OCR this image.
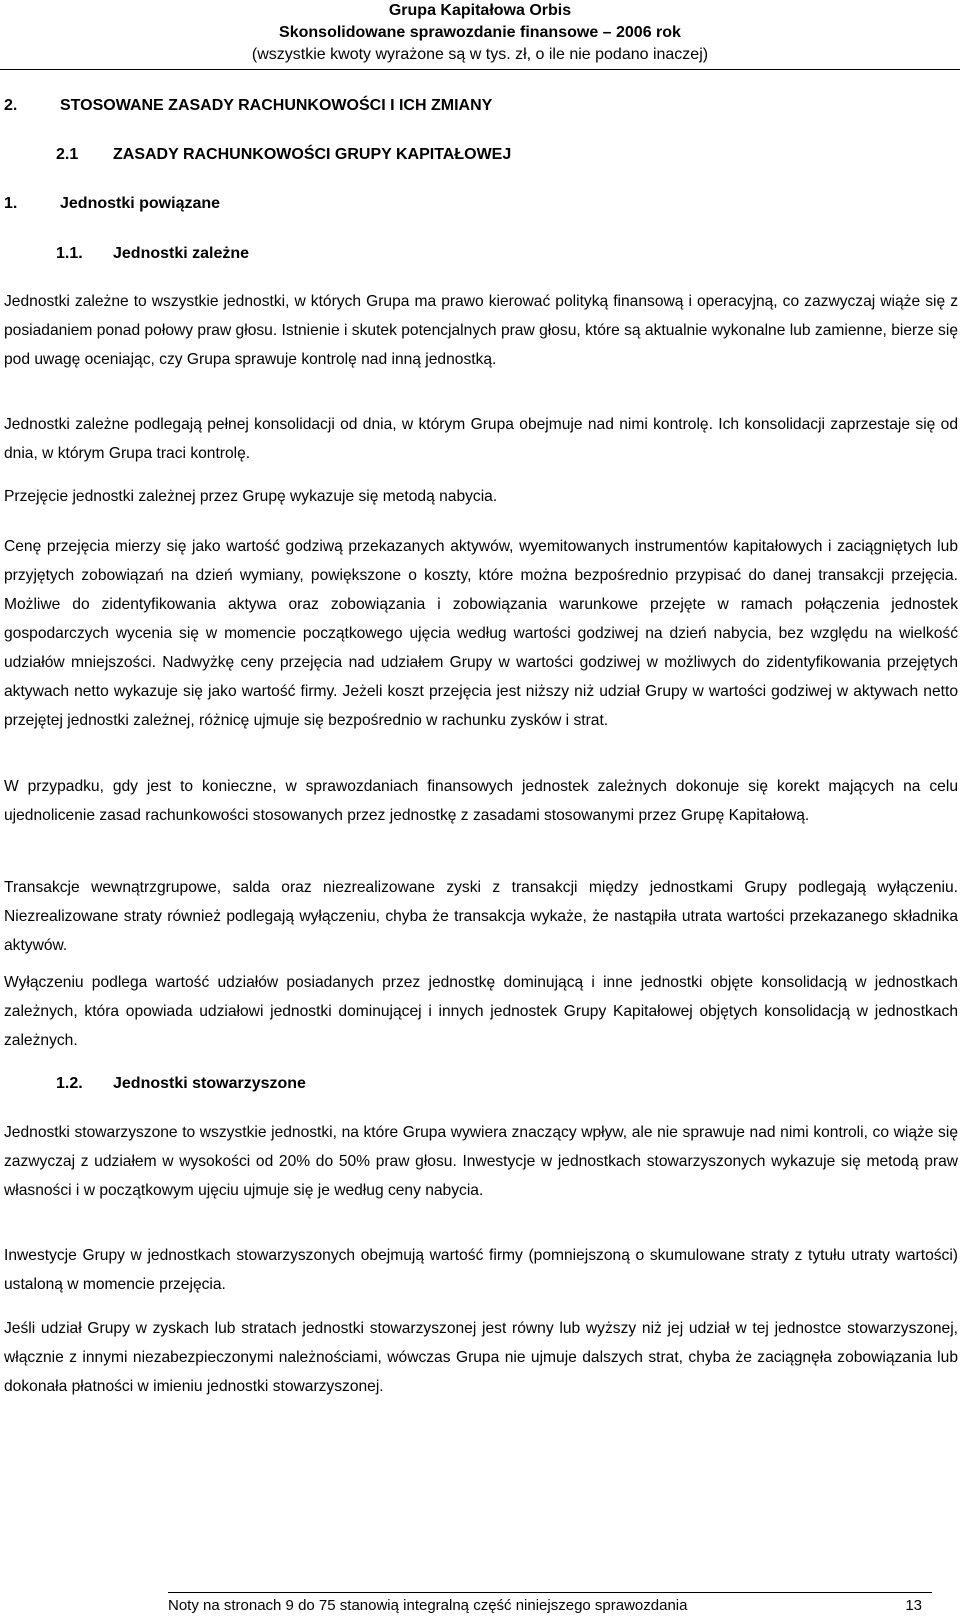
Grupa Kapitałowa Orbis
Skonsolidowane sprawozdanie finansowe – 2006 rok
(wszystkie kwoty wyrażone są w tys. zł, o ile nie podano inaczej)
2.	STOSOWANE ZASADY RACHUNKOWOŚCI I ICH ZMIANY
2.1 ZASADY RACHUNKOWOŚCI GRUPY KAPITAŁOWEJ
1.	Jednostki powiązane
1.1. Jednostki zależne
Jednostki zależne to wszystkie jednostki, w których Grupa ma prawo kierować polityką finansową i operacyjną, co zazwyczaj wiąże się z posiadaniem ponad połowy praw głosu. Istnienie i skutek potencjalnych praw głosu, które są aktualnie wykonalne lub zamienne, bierze się pod uwagę oceniając, czy Grupa sprawuje kontrolę nad inną jednostką.
Jednostki zależne podlegają pełnej konsolidacji od dnia, w którym Grupa obejmuje nad nimi kontrolę. Ich konsolidacji zaprzestaje się od dnia, w którym Grupa traci kontrolę.
Przejęcie jednostki zależnej przez Grupę wykazuje się metodą nabycia.
Cenę przejęcia mierzy się jako wartość godziwą przekazanych aktywów, wyemitowanych instrumentów kapitałowych i zaciągniętych lub przyjętych zobowiązań na dzień wymiany, powiększone o koszty, które można bezpośrednio przypisać do danej transakcji przejęcia. Możliwe do zidentyfikowania aktywa oraz zobowiązania i zobowiązania warunkowe przejęte w ramach połączenia jednostek gospodarczych wycenia się w momencie początkowego ujęcia według wartości godziwej na dzień nabycia, bez względu na wielkość udziałów mniejszości. Nadwyżkę ceny przejęcia nad udziałem Grupy w wartości godziwej w możliwych do zidentyfikowania przejętych aktywach netto wykazuje się jako wartość firmy. Jeżeli koszt przejęcia jest niższy niż udział Grupy w wartości godziwej w aktywach netto przejętej jednostki zależnej, różnicę ujmuje się bezpośrednio w rachunku zysków i strat.
W przypadku, gdy jest to konieczne, w sprawozdaniach finansowych jednostek zależnych dokonuje się korekt mających na celu ujednolicenie zasad rachunkowości stosowanych przez jednostkę z zasadami stosowanymi przez Grupę Kapitałową.
Transakcje wewnątrzgrupowe, salda oraz niezrealizowane zyski z transakcji między jednostkami Grupy podlegają wyłączeniu. Niezrealizowane straty również podlegają wyłączeniu, chyba że transakcja wykaże, że nastąpiła utrata wartości przekazanego składnika aktywów.
Wyłączeniu podlega wartość udziałów posiadanych przez jednostkę dominującą i inne jednostki objęte konsolidacją w jednostkach zależnych, która opowiada udziałowi jednostki dominującej i innych jednostek Grupy Kapitałowej objętych konsolidacją w jednostkach zależnych.
1.2. Jednostki stowarzyszone
Jednostki stowarzyszone to wszystkie jednostki, na które Grupa wywiera znaczący wpływ, ale nie sprawuje nad nimi kontroli, co wiąże się zazwyczaj z udziałem w wysokości od 20% do 50% praw głosu. Inwestycje w jednostkach stowarzyszonych wykazuje się metodą praw własności i w początkowym ujęciu ujmuje się je według ceny nabycia.
Inwestycje Grupy w jednostkach stowarzyszonych obejmują wartość firmy (pomniejszoną o skumulowane straty z tytułu utraty wartości) ustaloną w momencie przejęcia.
Jeśli udział Grupy w zyskach lub stratach jednostki stowarzyszonej jest równy lub wyższy niż jej udział w tej jednostce stowarzyszonej, włącznie z innymi niezabezpieczonymi należnościami, wówczas Grupa nie ujmuje dalszych strat, chyba że zaciągnęła zobowiązania lub dokonała płatności w imieniu jednostki stowarzyszonej.
Noty na stronach 9 do 75 stanowią integralną część niniejszego sprawozdania	13
